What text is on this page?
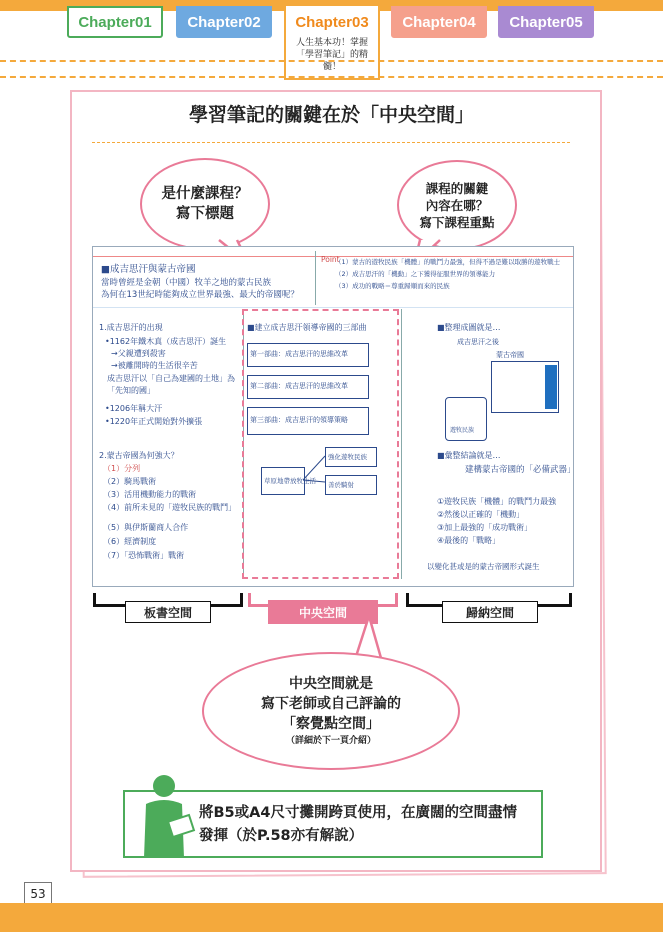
Chapter01	Chapter02	Chapter03
人生基本功！掌握「學習筆記」的精髓！
Chapter04	Chapter05
學習筆記的關鍵在於「中央空間」
是什麼課程？
寫下標題
課程的關鍵
內容在哪？
寫下課程重點
■成吉思汗與蒙古帝國
當時曾經是金朝（中國）牧羊之地的蒙古民族
為何在13世紀時能夠成立世界最強、最大的帝國呢？
Point
（1）蒙古的遊牧民族「機體」的戰鬥力最強，但得不過是難以取勝的遊牧戰士
（2）成吉思汗的「機動」之下獲得征服世界的領導能力
（3）成功的戰略＝尊重歸順而來的民族
1.成吉思汗的出現
•1162年鐵木真（成吉思汗）誕生
→父親遭到殺害
→被離開時的生活很辛苦
成吉思汗以「自己為建國的土地」為
「先知的國」
•1206年稱大汗
•1220年正式開始對外擴張
2.蒙古帝國為何強大？
（1）分列
（2）騎馬戰術
（3）活用機動能力的戰術
（4）前所未見的「遊牧民族的戰鬥」
（5）與伊斯蘭商人合作
（6）經濟制度
（7）「恐怖戰術」戰術
■建立成吉思汗領導帝國的三部曲
第一部曲：成吉思汗的思維改革
第二部曲：成吉思汗的思維改革
第三部曲：成吉思汗的領導策略
草原地帶放牧生活
強化遊牧民族
善於騎射
■整理成圖就是…
成吉思汗之後
蒙古帝國
遊牧民族
■彙整結論就是…
建構蒙古帝國的「必備武器」
①遊牧民族「機體」的戰鬥力最強
②然後以正確的「機動」
③加上最強的「成功戰術」
④最後的「戰略」
以變化甚或是的蒙古帝國形式誕生
板書空間	中央空間	歸納空間
中央空間就是
寫下老師或自己評論的
「察覺點空間」
（詳細於下一頁介紹）
將B5或A4尺寸攤開跨頁使用，在廣闊的空間盡情發揮（於P.58亦有解說）
53
